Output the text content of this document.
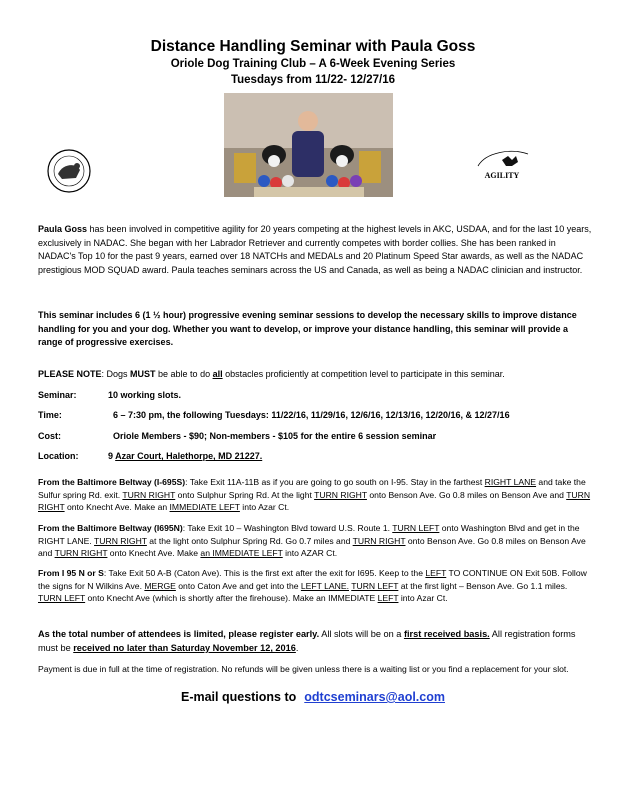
Distance Handling Seminar with Paula Goss
Oriole Dog Training Club – A 6-Week Evening Series
Tuesdays from 11/22- 12/27/16
AGILITY

Paula Goss has been involved in competitive agility for 20 years competing at the highest levels in AKC, USDAA, and for the last 10 years, exclusively in NADAC. She began with her Labrador Retriever and currently competes with border collies. She has been ranked in NADAC's Top 10 for the past 9 years, earned over 18 NATCHs and MEDALs and 20 Platinum Speed Star awards, as well as the NADAC prestigious MOD SQUAD award. Paula teaches seminars across the US and Canada, as well as being a NADAC clinician and instructor.

This seminar includes 6 (1 ½ hour) progressive evening seminar sessions to develop the necessary skills to improve distance handling for you and your dog. Whether you want to develop, or improve your distance handling, this seminar will provide a range of progressive exercises.

PLEASE NOTE: Dogs MUST be able to do all obstacles proficiently at competition level to participate in this seminar.

Seminar:	10 working slots.
Time:	6 – 7:30 pm, the following Tuesdays: 11/22/16, 11/29/16, 12/6/16, 12/13/16, 12/20/16, & 12/27/16
Cost:	Oriole Members - $90; Non-members - $105 for the entire 6 session seminar
Location:	9 Azar Court, Halethorpe, MD 21227.

From the Baltimore Beltway (I-695S): Take Exit 11A-11B as if you are going to go south on I-95. Stay in the farthest RIGHT LANE and take the Sulfur spring Rd. exit. TURN RIGHT onto Sulphur Spring Rd. At the light TURN RIGHT onto Benson Ave. Go 0.8 miles on Benson Ave and TURN RIGHT onto Knecht Ave. Make an IMMEDIATE LEFT into Azar Ct.

From the Baltimore Beltway (I695N): Take Exit 10 – Washington Blvd toward U.S. Route 1. TURN LEFT onto Washington Blvd and get in the RIGHT LANE. TURN RIGHT at the light onto Sulphur Spring Rd. Go 0.7 miles and TURN RIGHT onto Benson Ave. Go 0.8 miles on Benson Ave and TURN RIGHT onto Knecht Ave. Make an IMMEDIATE LEFT into AZAR Ct.

From I 95 N or S: Take Exit 50 A-B (Caton Ave). This is the first ext after the exit for I695. Keep to the LEFT TO CONTINUE ON Exit 50B. Follow the signs for N Wilkins Ave. MERGE onto Caton Ave and get into the LEFT LANE. TURN LEFT at the first light – Benson Ave. Go 1.1 miles. TURN LEFT onto Knecht Ave (which is shortly after the firehouse). Make an IMMEDIATE LEFT into Azar Ct.

As the total number of attendees is limited, please register early. All slots will be on a first received basis. All registration forms must be received no later than Saturday November 12, 2016.

Payment is due in full at the time of registration. No refunds will be given unless there is a waiting list or you find a replacement for your slot.

E-mail questions to odtcseminars@aol.com
